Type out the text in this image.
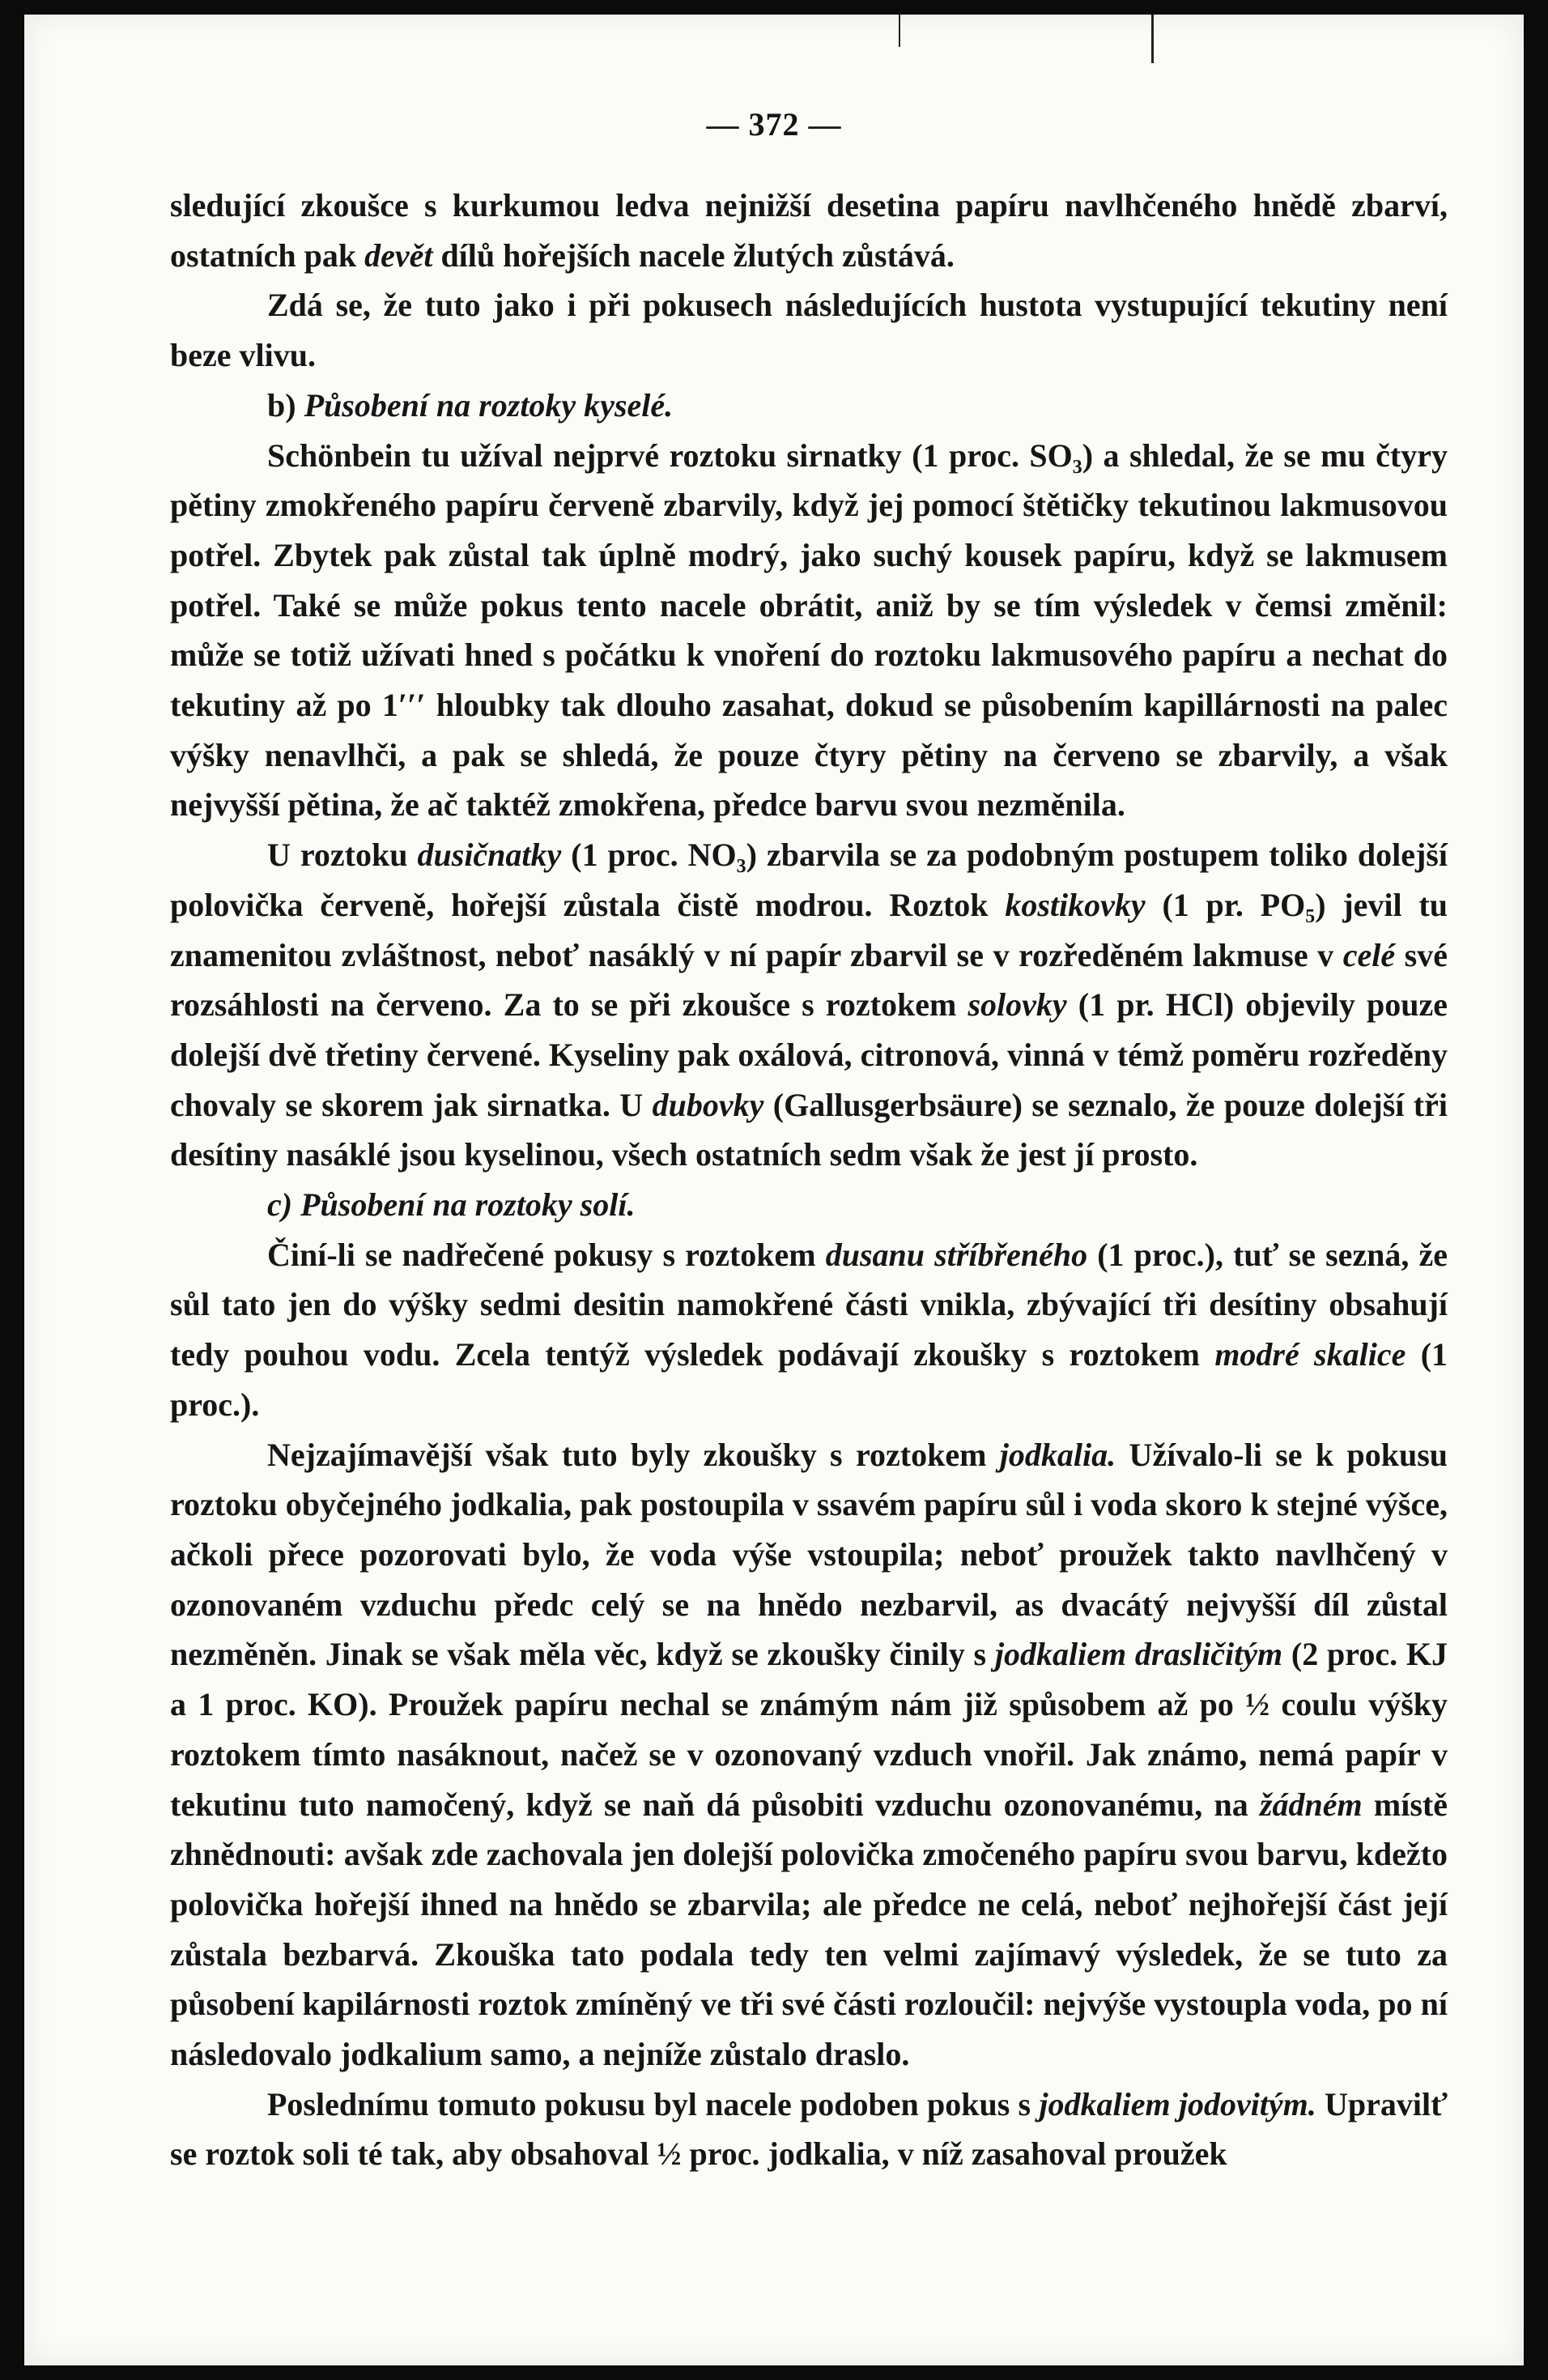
— 372 —

sledující zkoušce s kurkumou ledva nejnižší desetina papíru navlhčeného hnědě zbarví, ostatních pak devět dílů hořejších nacele žlutých zůstává.

Zdá se, že tuto jako i při pokusech následujících hustota vystupující tekutiny není beze vlivu.

b) Působení na roztoky kyselé.

Schönbein tu užíval nejprvé roztoku sirnatky (1 proc. SO₃) a shledal, že se mu čtyry pětiny zmokřeného papíru červeně zbarvily, když jej pomocí štětičky tekutinou lakmusovou potřel. Zbytek pak zůstal tak úplně modrý, jako suchý kousek papíru, když se lakmusem potřel. Také se může pokus tento nacele obrátit, aniž by se tím výsledek v čemsi změnil: může se totiž užívati hned s počátku k vnoření do roztoku lakmusového papíru a nechat do tekutiny až po 1′′′ hloubky tak dlouho zasahat, dokud se působením kapillárnosti na palec výšky nenavlhči, a pak se shledá, že pouze čtyry pětiny na červeno se zbarvily, a však nejvyšší pětina, že ač taktéž zmokřena, předce barvu svou nezměnila.

U roztoku dusičnatky (1 proc. NO₃) zbarvila se za podobným postupem toliko dolejší polovička červeně, hořejší zůstala čistě modrou. Roztok kostikovky (1 pr. PO₅) jevil tu znamenitou zvláštnost, neboť nasáklý v ní papír zbarvil se v rozředěném lakmuse v celé své rozsáhlosti na červeno. Za to se při zkoušce s roztokem solovky (1 pr. HCl) objevily pouze dolejší dvě třetiny červené. Kyseliny pak oxálová, citronová, vinná v témž poměru rozředěny chovaly se skorem jak sirnatka. U dubovky (Gallusgerbsäure) se seznalo, že pouze dolejší tři desítiny nasáklé jsou kyselinou, všech ostatních sedm však že jest jí prosto.

c) Působení na roztoky solí.

Činí-li se nadřečené pokusy s roztokem dusanu stříbřeného (1 proc.), tuť se sezná, že sůl tato jen do výšky sedmi desitin namokřené části vnikla, zbývající tři desítiny obsahují tedy pouhou vodu. Zcela tentýž výsledek podávají zkoušky s roztokem modré skalice (1 proc.).

Nejzajímavější však tuto byly zkoušky s roztokem jodkalia. Užívalo-li se k pokusu roztoku obyčejného jodkalia, pak postoupila v ssavém papíru sůl i voda skoro k stejné výšce, ačkoli přece pozorovati bylo, že voda výše vstoupila; neboť proužek takto navlhčený v ozonovaném vzduchu předc celý se na hnědo nezbarvil, as dvacátý nejvyšší díl zůstal nezměněn. Jinak se však měla věc, když se zkoušky činily s jodkaliem drasličitým (2 proc. KJ a 1 proc. KO). Proužek papíru nechal se známým nám již spůsobem až po ½ coulu výšky roztokem tímto nasáknout, načež se v ozonovaný vzduch vnořil. Jak známo, nemá papír v tekutinu tuto namočený, když se naň dá působiti vzduchu ozonovanému, na žádném místě zhnědnouti: avšak zde zachovala jen dolejší polovička zmočeného papíru svou barvu, kdežto polovička hořejší ihned na hnědo se zbarvila; ale předce ne celá, neboť nejhořejší část její zůstala bezbarvá. Zkouška tato podala tedy ten velmi zajímavý výsledek, že se tuto za působení kapilárnosti roztok zmíněný ve tři své části rozloučil: nejvýše vystoupla voda, po ní následovalo jodkalium samo, a nejníže zůstalo draslo.

Poslednímu tomuto pokusu byl nacele podoben pokus s jodkaliem jodovitým. Upravilť se roztok soli té tak, aby obsahoval ½ proc. jodkalia, v níž zasahoval proužek
